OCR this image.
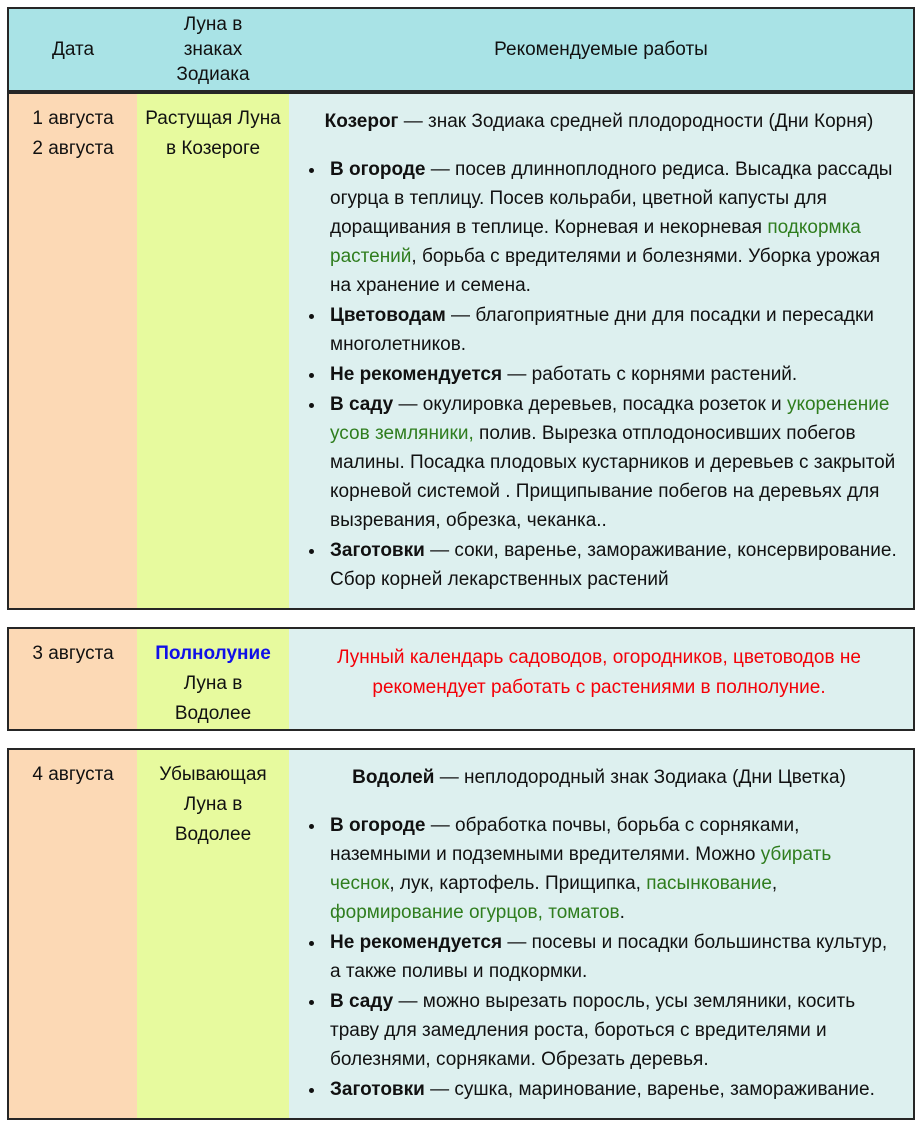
Дата
Луна в
знаках
Зодиака
Рекомендуемые работы
1 августа
2 августа
Растущая Луна
в Козероге

Козерог — знак Зодиака средней плодородности (Дни Корня)

• В огороде — посев длинноплодного редиса. Высадка рассады огурца в теплицу. Посев кольраби, цветной капусты для доращивания в теплице. Корневая и некорневая подкормка растений, борьба с вредителями и болезнями. Уборка урожая на хранение и семена.
• Цветоводам — благоприятные дни для посадки и пересадки многолетников.
• Не рекомендуется — работать с корнями растений.
• В саду — окулировка деревьев, посадка розеток и укоренение усов земляники, полив. Вырезка отплодоносивших побегов малины. Посадка плодовых кустарников и деревьев с закрытой корневой системой . Прищипывание побегов на деревьях для вызревания, обрезка, чеканка..
• Заготовки — соки, варенье, замораживание, консервирование. Сбор корней лекарственных растений
3 августа	Полнолуние
Луна в
Водолее

Лунный календарь садоводов, огородников, цветоводов не рекомендует работать с растениями в полнолуние.

4 августа	Убывающая
Луна в
Водолее

Водолей — неплодородный знак Зодиака (Дни Цветка)

• В огороде — обработка почвы, борьба с сорняками, наземными и подземными вредителями. Можно убирать чеснок, лук, картофель. Прищипка, пасынкование, формирование огурцов, томатов.
• Не рекомендуется — посевы и посадки большинства культур, а также поливы и подкормки.
• В саду — можно вырезать поросль, усы земляники, косить траву для замедления роста, бороться с вредителями и болезнями, сорняками. Обрезать деревья.
• Заготовки — сушка, маринование, варенье, замораживание.
